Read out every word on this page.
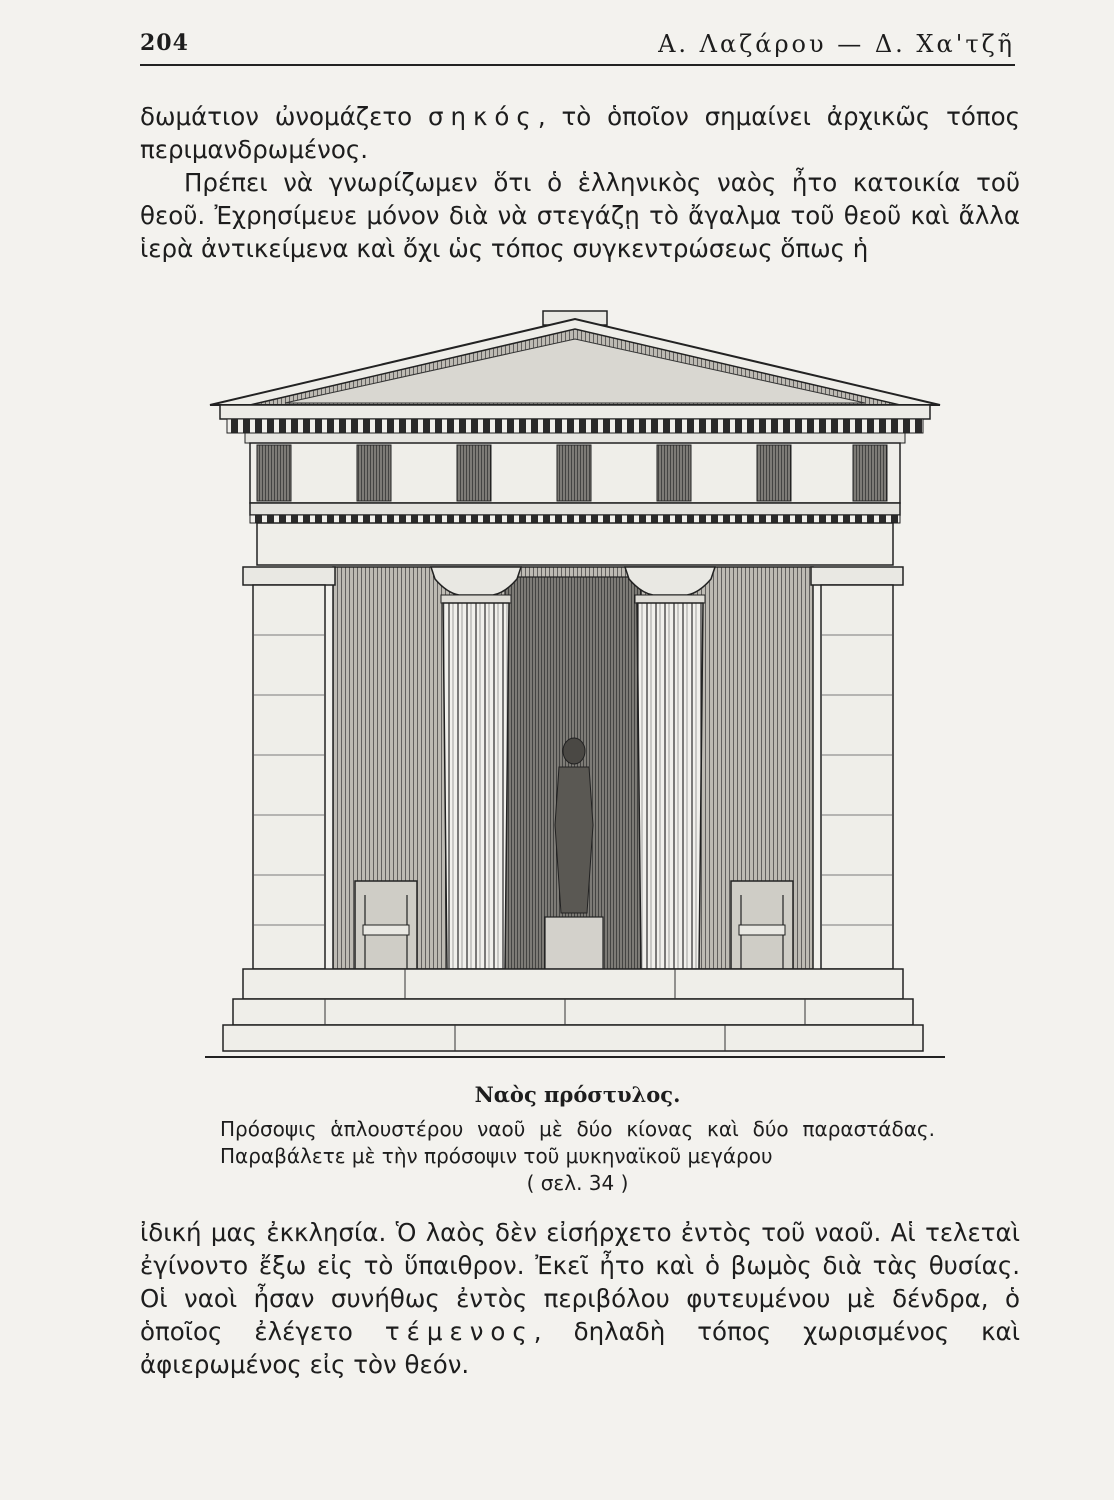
204	Α. Λαζάρου — Δ. Χα'τζῆ

δωμάτιον ὠνομάζετο σηκός, τὸ ὁποῖον σημαίνει ἀρχικῶς τόπος περιμανδρωμένος.

Πρέπει νὰ γνωρίζωμεν ὅτι ὁ ἑλληνικὸς ναὸς ἦτο κατοικία τοῦ θεοῦ. Ἐχρησίμευε μόνον διὰ νὰ στεγάζῃ τὸ ἄγαλμα τοῦ θεοῦ καὶ ἄλλα ἱερὰ ἀντικείμενα καὶ ὄχι ὡς τόπος συγκεντρώσεως ὅπως ἡ

Ναὸς πρόστυλος.
Πρόσοψις ἁπλουστέρου ναοῦ μὲ δύο κίονας καὶ δύο παραστάδας. Παραβάλετε μὲ τὴν πρόσοψιν τοῦ μυκηναϊκοῦ μεγάρου
( σελ. 34 )

ἰδική μας ἐκκλησία. Ὁ λαὸς δὲν εἰσήρχετο ἐντὸς τοῦ ναοῦ. Αἱ τελεταὶ ἐγίνοντο ἔξω εἰς τὸ ὕπαιθρον. Ἐκεῖ ἦτο καὶ ὁ βωμὸς διὰ τὰς θυσίας. Οἱ ναοὶ ἦσαν συνήθως ἐντὸς περιβόλου φυτευμένου μὲ δένδρα, ὁ ὁποῖος ἐλέγετο τέμενος, δηλαδὴ τόπος χωρισμένος καὶ ἀφιερωμένος εἰς τὸν θεόν.
